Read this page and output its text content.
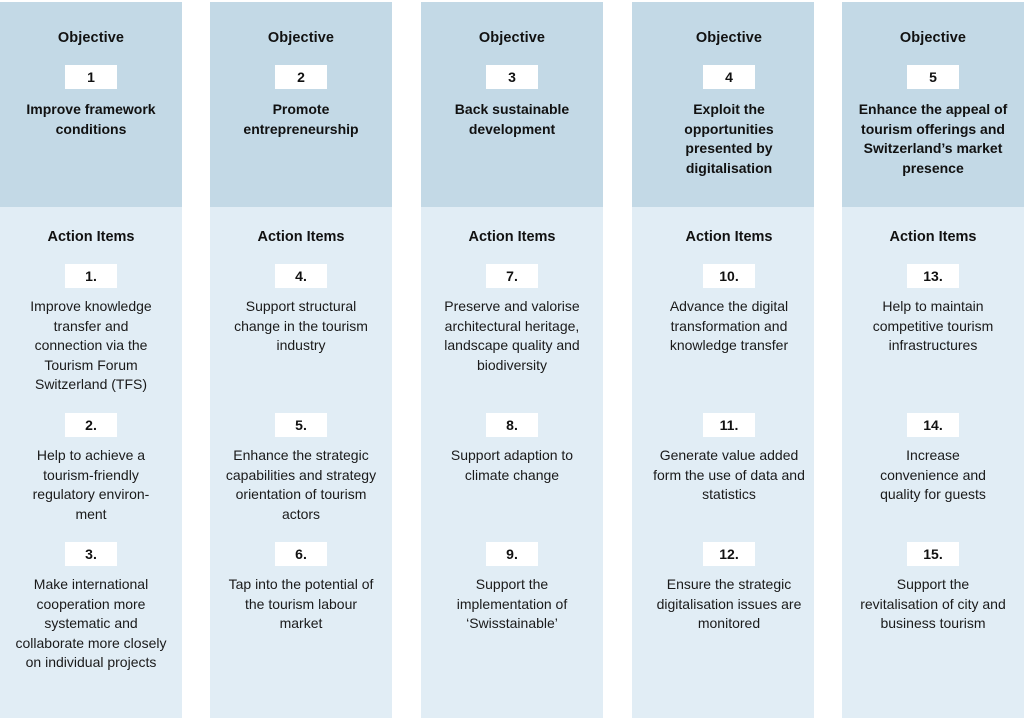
Objective
1
Improve framework conditions
Action Items
1.
Improve knowledge transfer and connection via the Tourism Forum Switzerland (TFS)
2.
Help to achieve a tourism-friendly regulatory environ-ment
3.
Make international cooperation more systematic and collaborate more closely on individual projects
Objective
2
Promote entrepreneurship
Action Items
4.
Support structural change in the tourism industry
5.
Enhance the strategic capabilities and strategy orientation of tourism actors
6.
Tap into the potential of the tourism labour market
Objective
3
Back sustainable development
Action Items
7.
Preserve and valorise architectural heritage, landscape quality and biodiversity
8.
Support adaption to climate change
9.
Support the implementation of ‘Swisstainable’
Objective
4
Exploit the opportunities presented by digitalisation
Action Items
10.
Advance the digital transformation and knowledge transfer
11.
Generate value added form the use of data and statistics
12.
Ensure the strategic digitalisation issues are monitored
Objective
5
Enhance the appeal of tourism offerings and Switzerland’s market presence
Action Items
13.
Help to maintain competitive tourism infrastructures
14.
Increase convenience and quality for guests
15.
Support the revitalisation of city and business tourism
